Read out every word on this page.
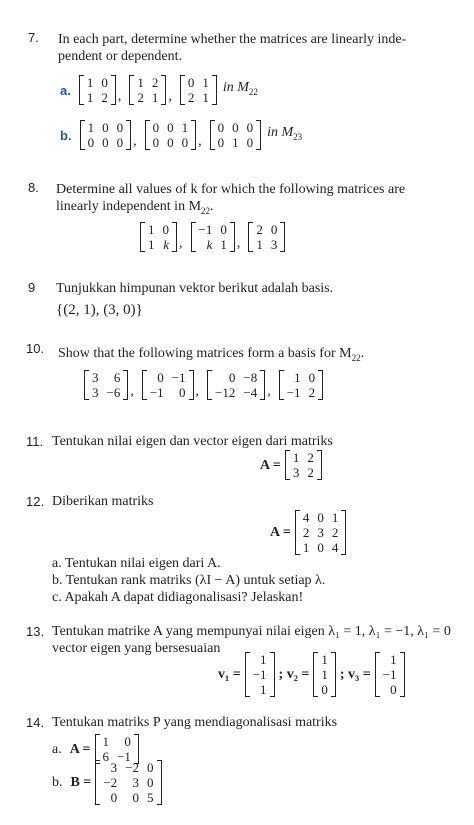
7. In each part, determine whether the matrices are linearly inde-
pendent or dependent.
a. 1 0
1 2 ,
1 2
2 1 ,
0 1
2 1
in $M_{22}$
b. 1 0 0
0 0 0 ,
0 0 1
0 0 0 ,
0 0 0
0 1 0
in $M_{23}$
8. Determine all values of k for which the following matrices are
linearly independent in $M_{22}$.
1 0
1 k ,
−1 0
k 1 ,
2 0
1 3
9 Tunjukkan himpunan vektor berikut adalah basis.
{(2, 1), (3, 0)}
10. Show that the following matrices form a basis for $M_{22}$.
3	6
3 −6 ,
0 −1
−1	0 ,
0 −8
−12 −4 ,
1 0
−1 2
11. Tentukan nilai eigen dan vector eigen dari matriks
A = 1 2
3 2
12. Diberikan matriks
A =
4 0 1
2 3 2
1 0 4
a. Tentukan nilai eigen dari A.
b. Tentukan rank matriks (λI − A) untuk setiap λ.
c. Apakah A dapat didiagonalisasi? Jelaskan!
13. Tentukan matrike A yang mempunyai nilai eigen λ₁ = 1, λ₁ = −1, λ₁ = 0
vector eigen yang bersesuaian
v₁ =
1
−1
1
; v₂ =
1
1
0
; v₃ =
1
−1
0
14. Tentukan matriks P yang mendiagonalisasi matriks
a. A = 1	0
6 −1
b. B =
3 −2 0
−2	3 0
0	0 5
